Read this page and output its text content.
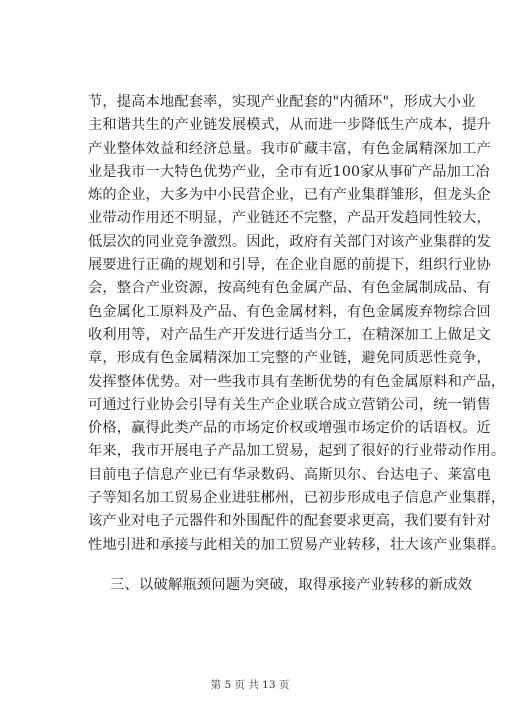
节，提高本地配套率，实现产业配套的"内循环"，形成大小业
主和谐共生的产业链发展模式，从而进一步降低生产成本，提升
产业整体效益和经济总量。我市矿藏丰富，有色金属精深加工产
业是我市一大特色优势产业，全市有近100家从事矿产品加工冶
炼的企业，大多为中小民营企业，已有产业集群雏形，但龙头企
业带动作用还不明显，产业链还不完整，产品开发趋同性较大，
低层次的同业竞争激烈。因此，政府有关部门对该产业集群的发
展要进行正确的规划和引导，在企业自愿的前提下，组织行业协
会，整合产业资源，按高纯有色金属产品、有色金属制成品、有
色金属化工原料及产品、有色金属材料，有色金属废弃物综合回
收利用等，对产品生产开发进行适当分工，在精深加工上做足文
章，形成有色金属精深加工完整的产业链，避免同质恶性竞争，
发挥整体优势。对一些我市具有垄断优势的有色金属原料和产品，
可通过行业协会引导有关生产企业联合成立营销公司，统一销售
价格，赢得此类产品的市场定价权或增强市场定价的话语权。近
年来，我市开展电子产品加工贸易，起到了很好的行业带动作用。
目前电子信息产业已有华录数码、高斯贝尔、台达电子、莱富电
子等知名加工贸易企业进驻郴州，已初步形成电子信息产业集群，
该产业对电子元器件和外围配件的配套要求更高，我们要有针对
性地引进和承接与此相关的加工贸易产业转移，壮大该产业集群。
三、以破解瓶颈问题为突破，取得承接产业转移的新成效
第 5 页 共 13 页
